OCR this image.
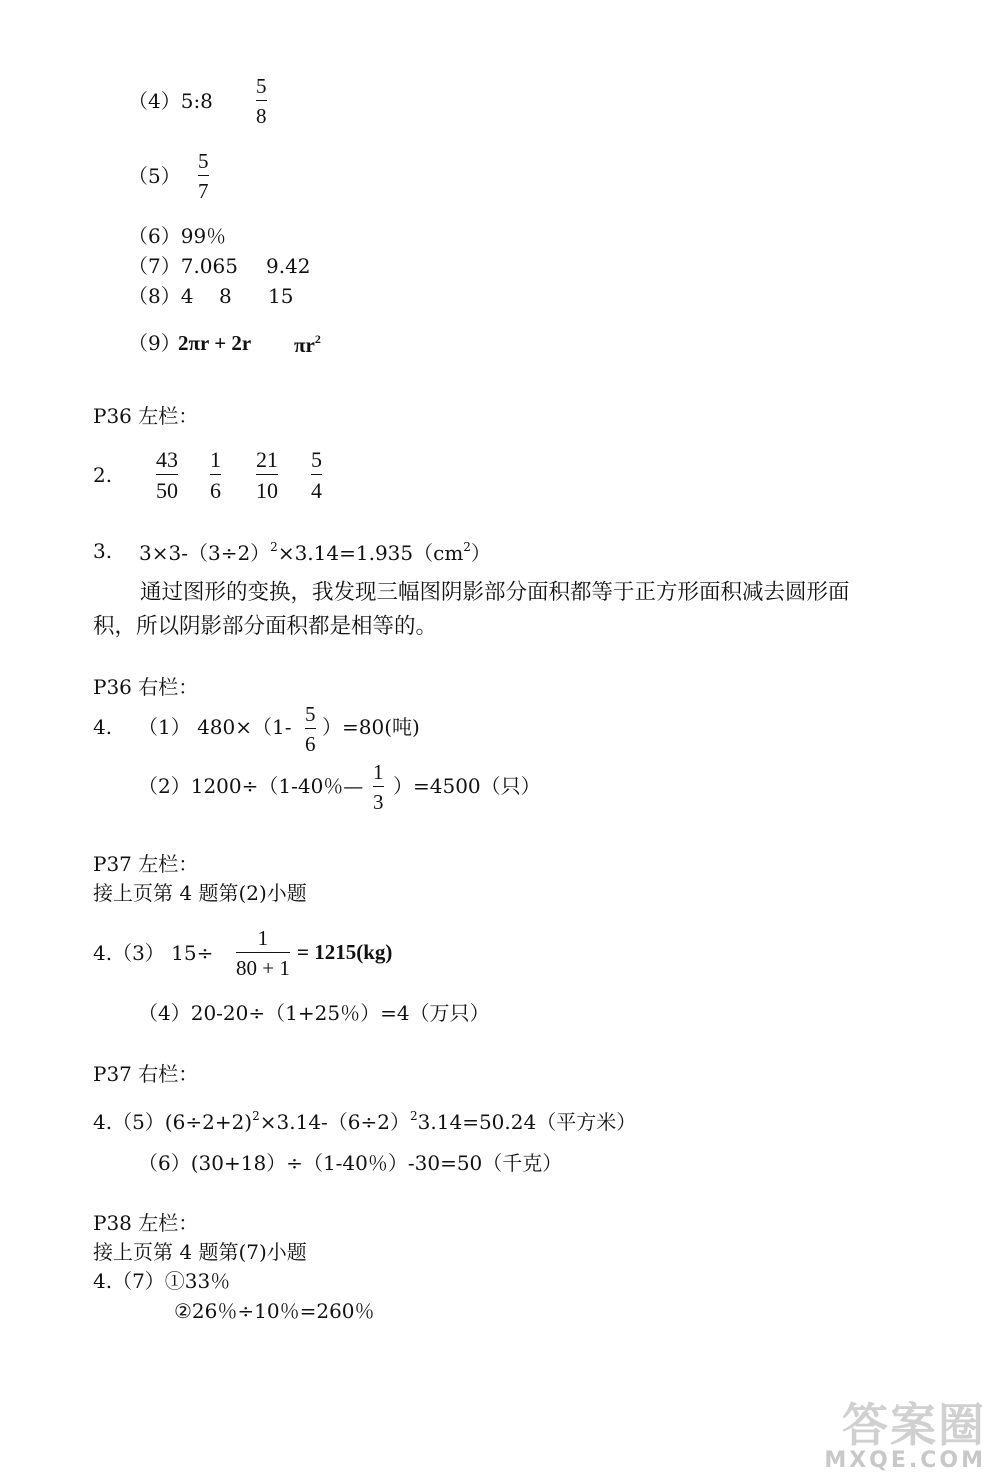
（4）5:8 $\frac{5}{8}$
$(5) \frac{5}{7}$
（6）99％
（7）7.065 9.42
（8）4 8 15
（9）
2πr + 2r $\pi r^2$
P36 左栏：
2. $\frac{43}{50} \frac{1}{6} \frac{21}{10} \frac{5}{4}$
3. $3\times 3-(3\div 2)^2\times 3.14=1.935(cm^2)$
通过图形的变换，我发现三幅图阴影部分面积都等于正方形面积减去圆形面
积，所以阴影部分面积都是相等的。
P36 右栏：
4. （1） $480\times(1- \frac{5}{6} )=80$(吨)
（2）1200÷（1-40％— $\frac{1}{3} )=4500$（只）
P37 左栏：
接上页第 4 题第(2)小题
4.（3） $15\div \frac{1}{80 + 1} = 1215(kg)$
（4）20-20÷（1+25％）=4（万只）
P37 右栏：
$4.(5)(6\div 2+2)^2\times 3.14-(6\div 2)^23.14=50.24$（平方米）
（6）(30+18）÷（1-40％）-30=50（千克）
P38 左栏：
接上页第 4 题第(7)小题
4.（7）①33％
②26％÷10％=260％
答案圈
MXQE.COM
